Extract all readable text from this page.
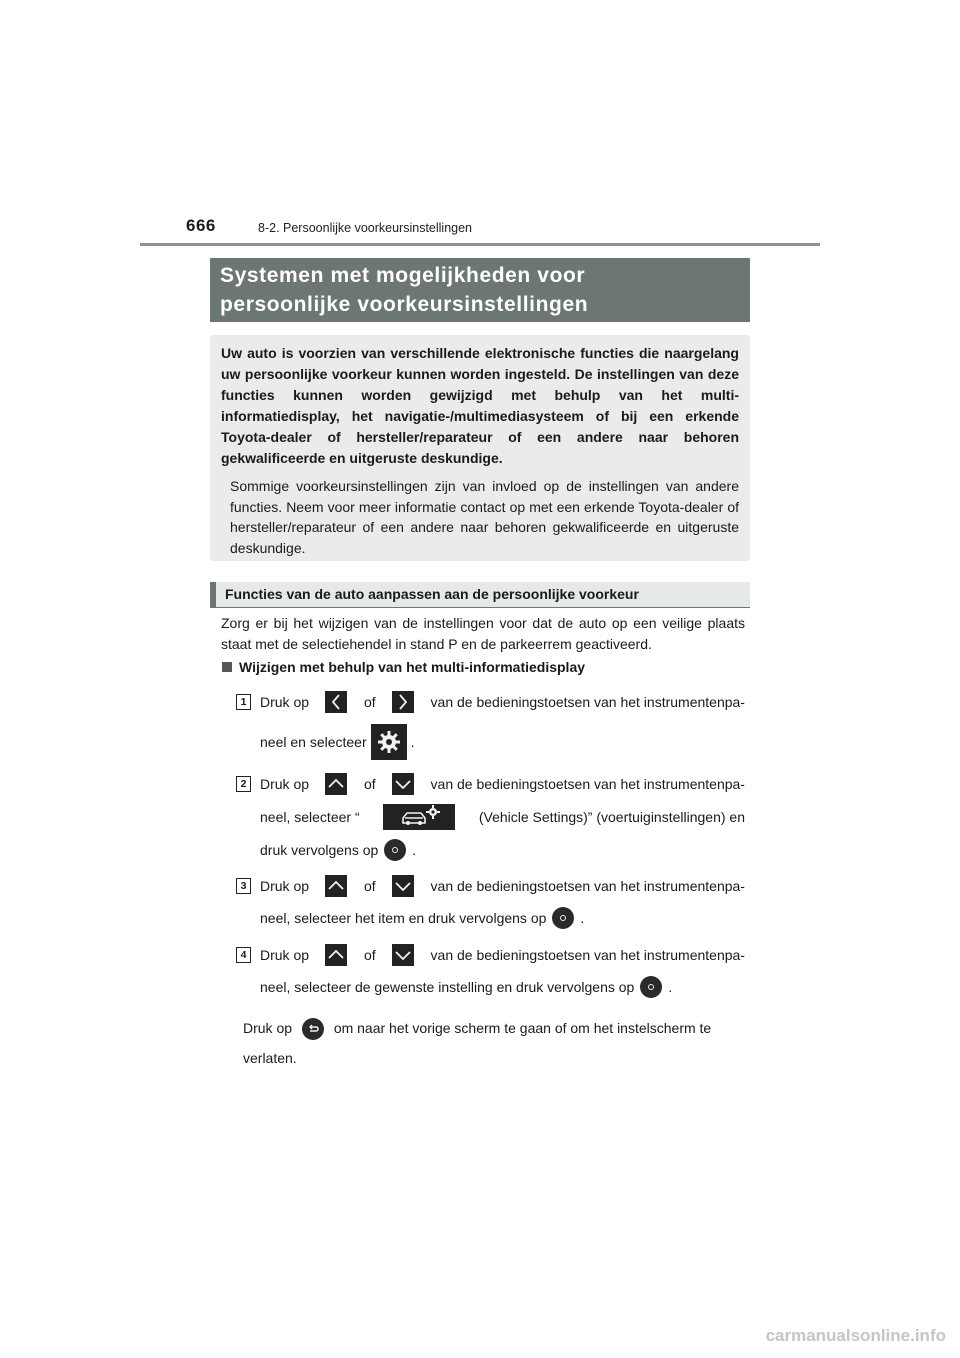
666	8-2. Persoonlijke voorkeursinstellingen
Systemen met mogelijkheden voor
persoonlijke voorkeursinstellingen

Uw auto is voorzien van verschillende elektronische functies die naargelang uw persoonlijke voorkeur kunnen worden ingesteld. De instellingen van deze functies kunnen worden gewijzigd met behulp van het multi-informatiedisplay, het navigatie-/multimediasysteem of bij een erkende Toyota-dealer of hersteller/reparateur of een andere naar behoren gekwalificeerde en uitgeruste deskundige.

Sommige voorkeursinstellingen zijn van invloed op de instellingen van andere functies. Neem voor meer informatie contact op met een erkende Toyota-dealer of hersteller/reparateur of een andere naar behoren gekwalificeerde en uitgeruste deskundige.

Functies van de auto aanpassen aan de persoonlijke voorkeur

Zorg er bij het wijzigen van de instellingen voor dat de auto op een veilige plaats staat met de selectiehendel in stand P en de parkeerrem geactiveerd.

Wijzigen met behulp van het multi-informatiedisplay
1 Druk op	of	van de bedieningstoetsen van het instrumentenpa-
neel en selecteer	.
2 Druk op	of	van de bedieningstoetsen van het instrumentenpa-
neel, selecteer “	(Vehicle Settings)” (voertuiginstellingen) en
druk vervolgens op .
3 Druk op	of	van de bedieningstoetsen van het instrumentenpa-
neel, selecteer het item en druk vervolgens op .
4 Druk op	of	van de bedieningstoetsen van het instrumentenpa-
neel, selecteer de gewenste instelling en druk vervolgens op .

Druk op	om naar het vorige scherm te gaan of om het instelscherm te verlaten.

carmanualsonline.info
